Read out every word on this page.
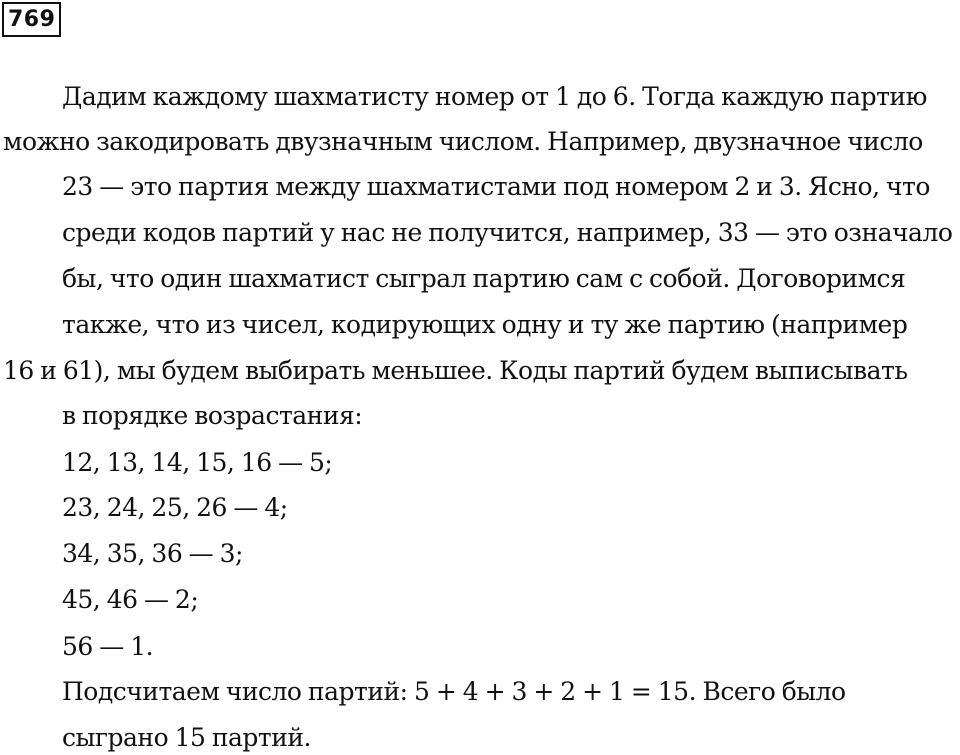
769
Дадим каждому шахматисту номер от 1 до 6. Тогда каждую партию
можно закодировать двузначным числом. Например, двузначное число
23 — это партия между шахматистами под номером 2 и 3. Ясно, что
среди кодов партий у нас не получится, например, 33 — это означало
бы, что один шахматист сыграл партию сам с собой. Договоримся
также, что из чисел, кодирующих одну и ту же партию (например
16 и 61), мы будем выбирать меньшее. Коды партий будем выписывать
в порядке возрастания:
12, 13, 14, 15, 16 — 5;
23, 24, 25, 26 — 4;
34, 35, 36 — 3;
45, 46 — 2;
56 — 1.
Подсчитаем число партий: 5 + 4 + 3 + 2 + 1 = 15. Всего было
сыграно 15 партий.
